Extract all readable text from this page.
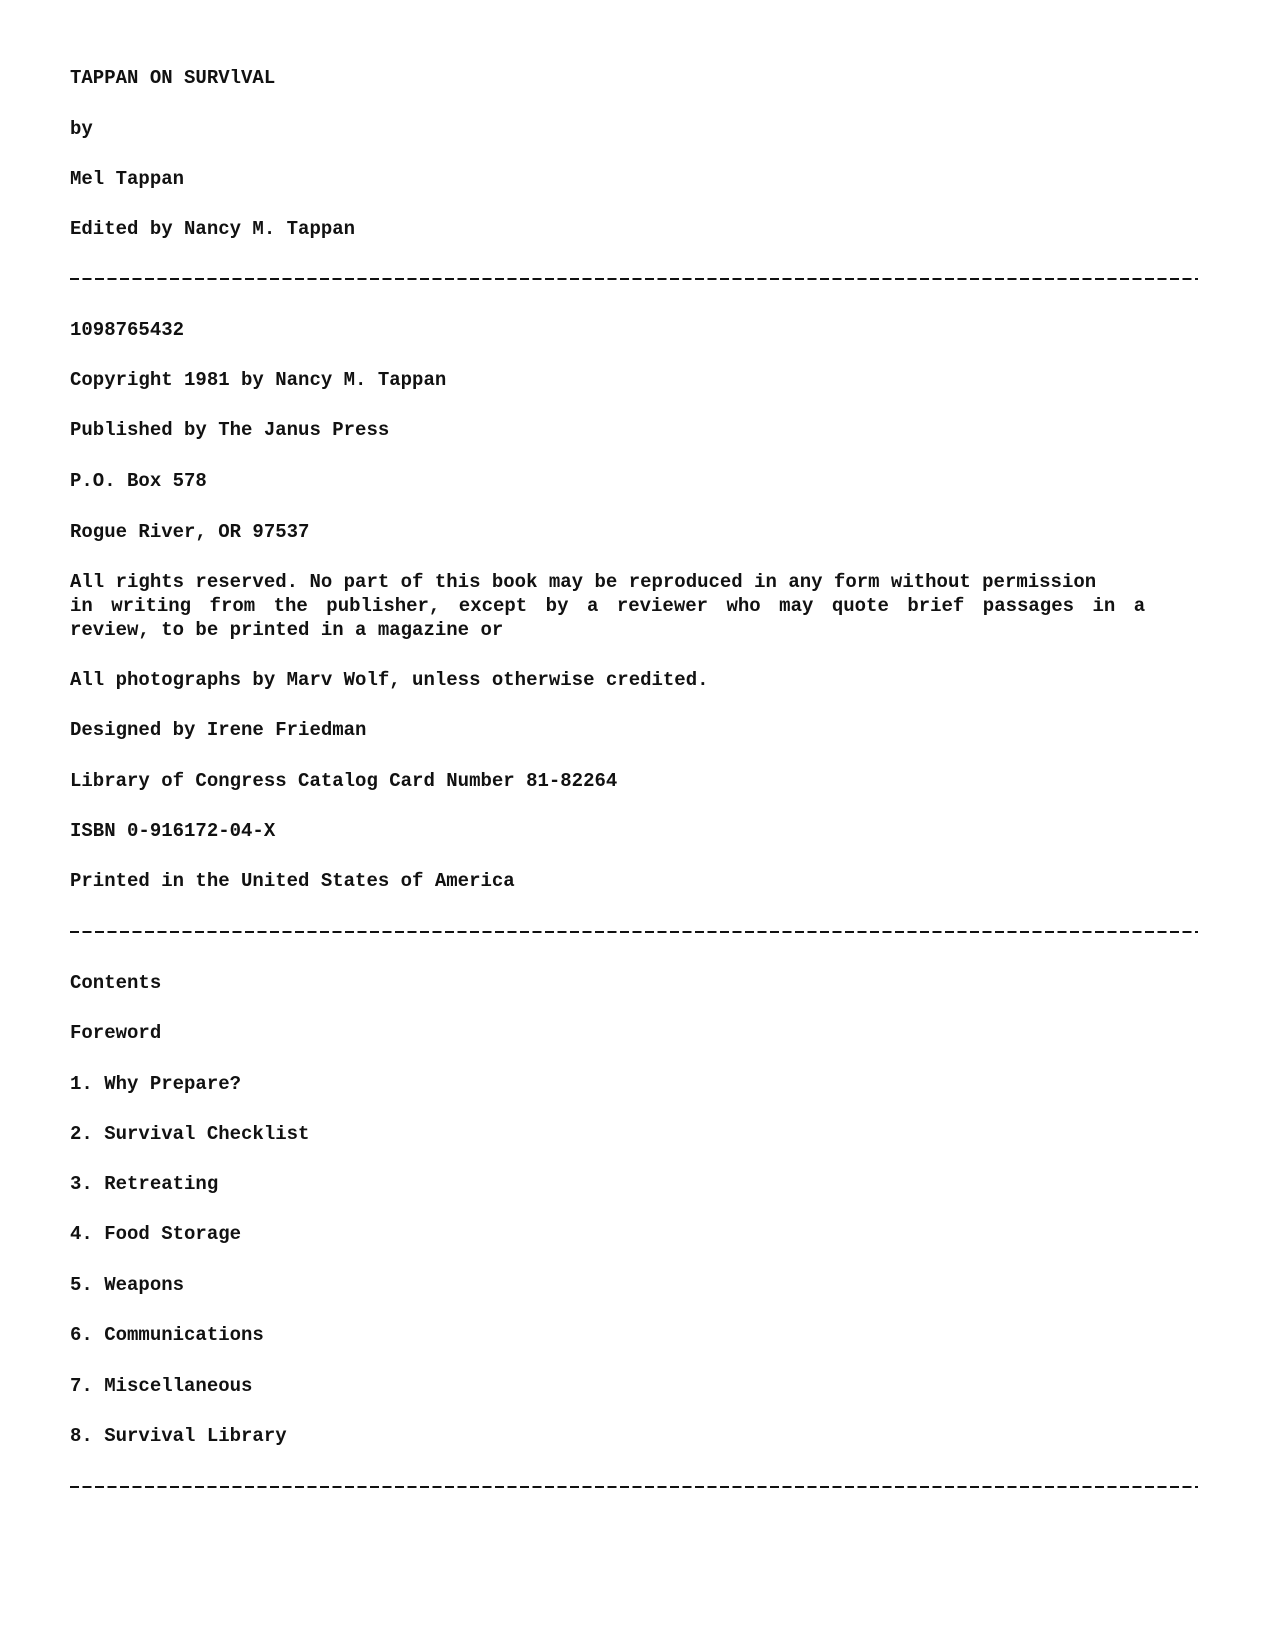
TAPPAN ON SURVlVAL
by
Mel Tappan
Edited by Nancy M. Tappan
1098765432
Copyright 1981 by Nancy M. Tappan
Published by The Janus Press
P.O. Box 578
Rogue River, OR 97537
All rights reserved. No part of this book may be reproduced in any form without permission
in writing from the publisher, except by a reviewer who may quote brief passages in a
review, to be printed in a magazine or
All photographs by Marv Wolf, unless otherwise credited.
Designed by Irene Friedman
Library of Congress Catalog Card Number 81-82264
ISBN 0-916172-04-X
Printed in the United States of America
Contents
Foreword
1. Why Prepare?
2. Survival Checklist
3. Retreating
4. Food Storage
5. Weapons
6. Communications
7. Miscellaneous
8. Survival Library
